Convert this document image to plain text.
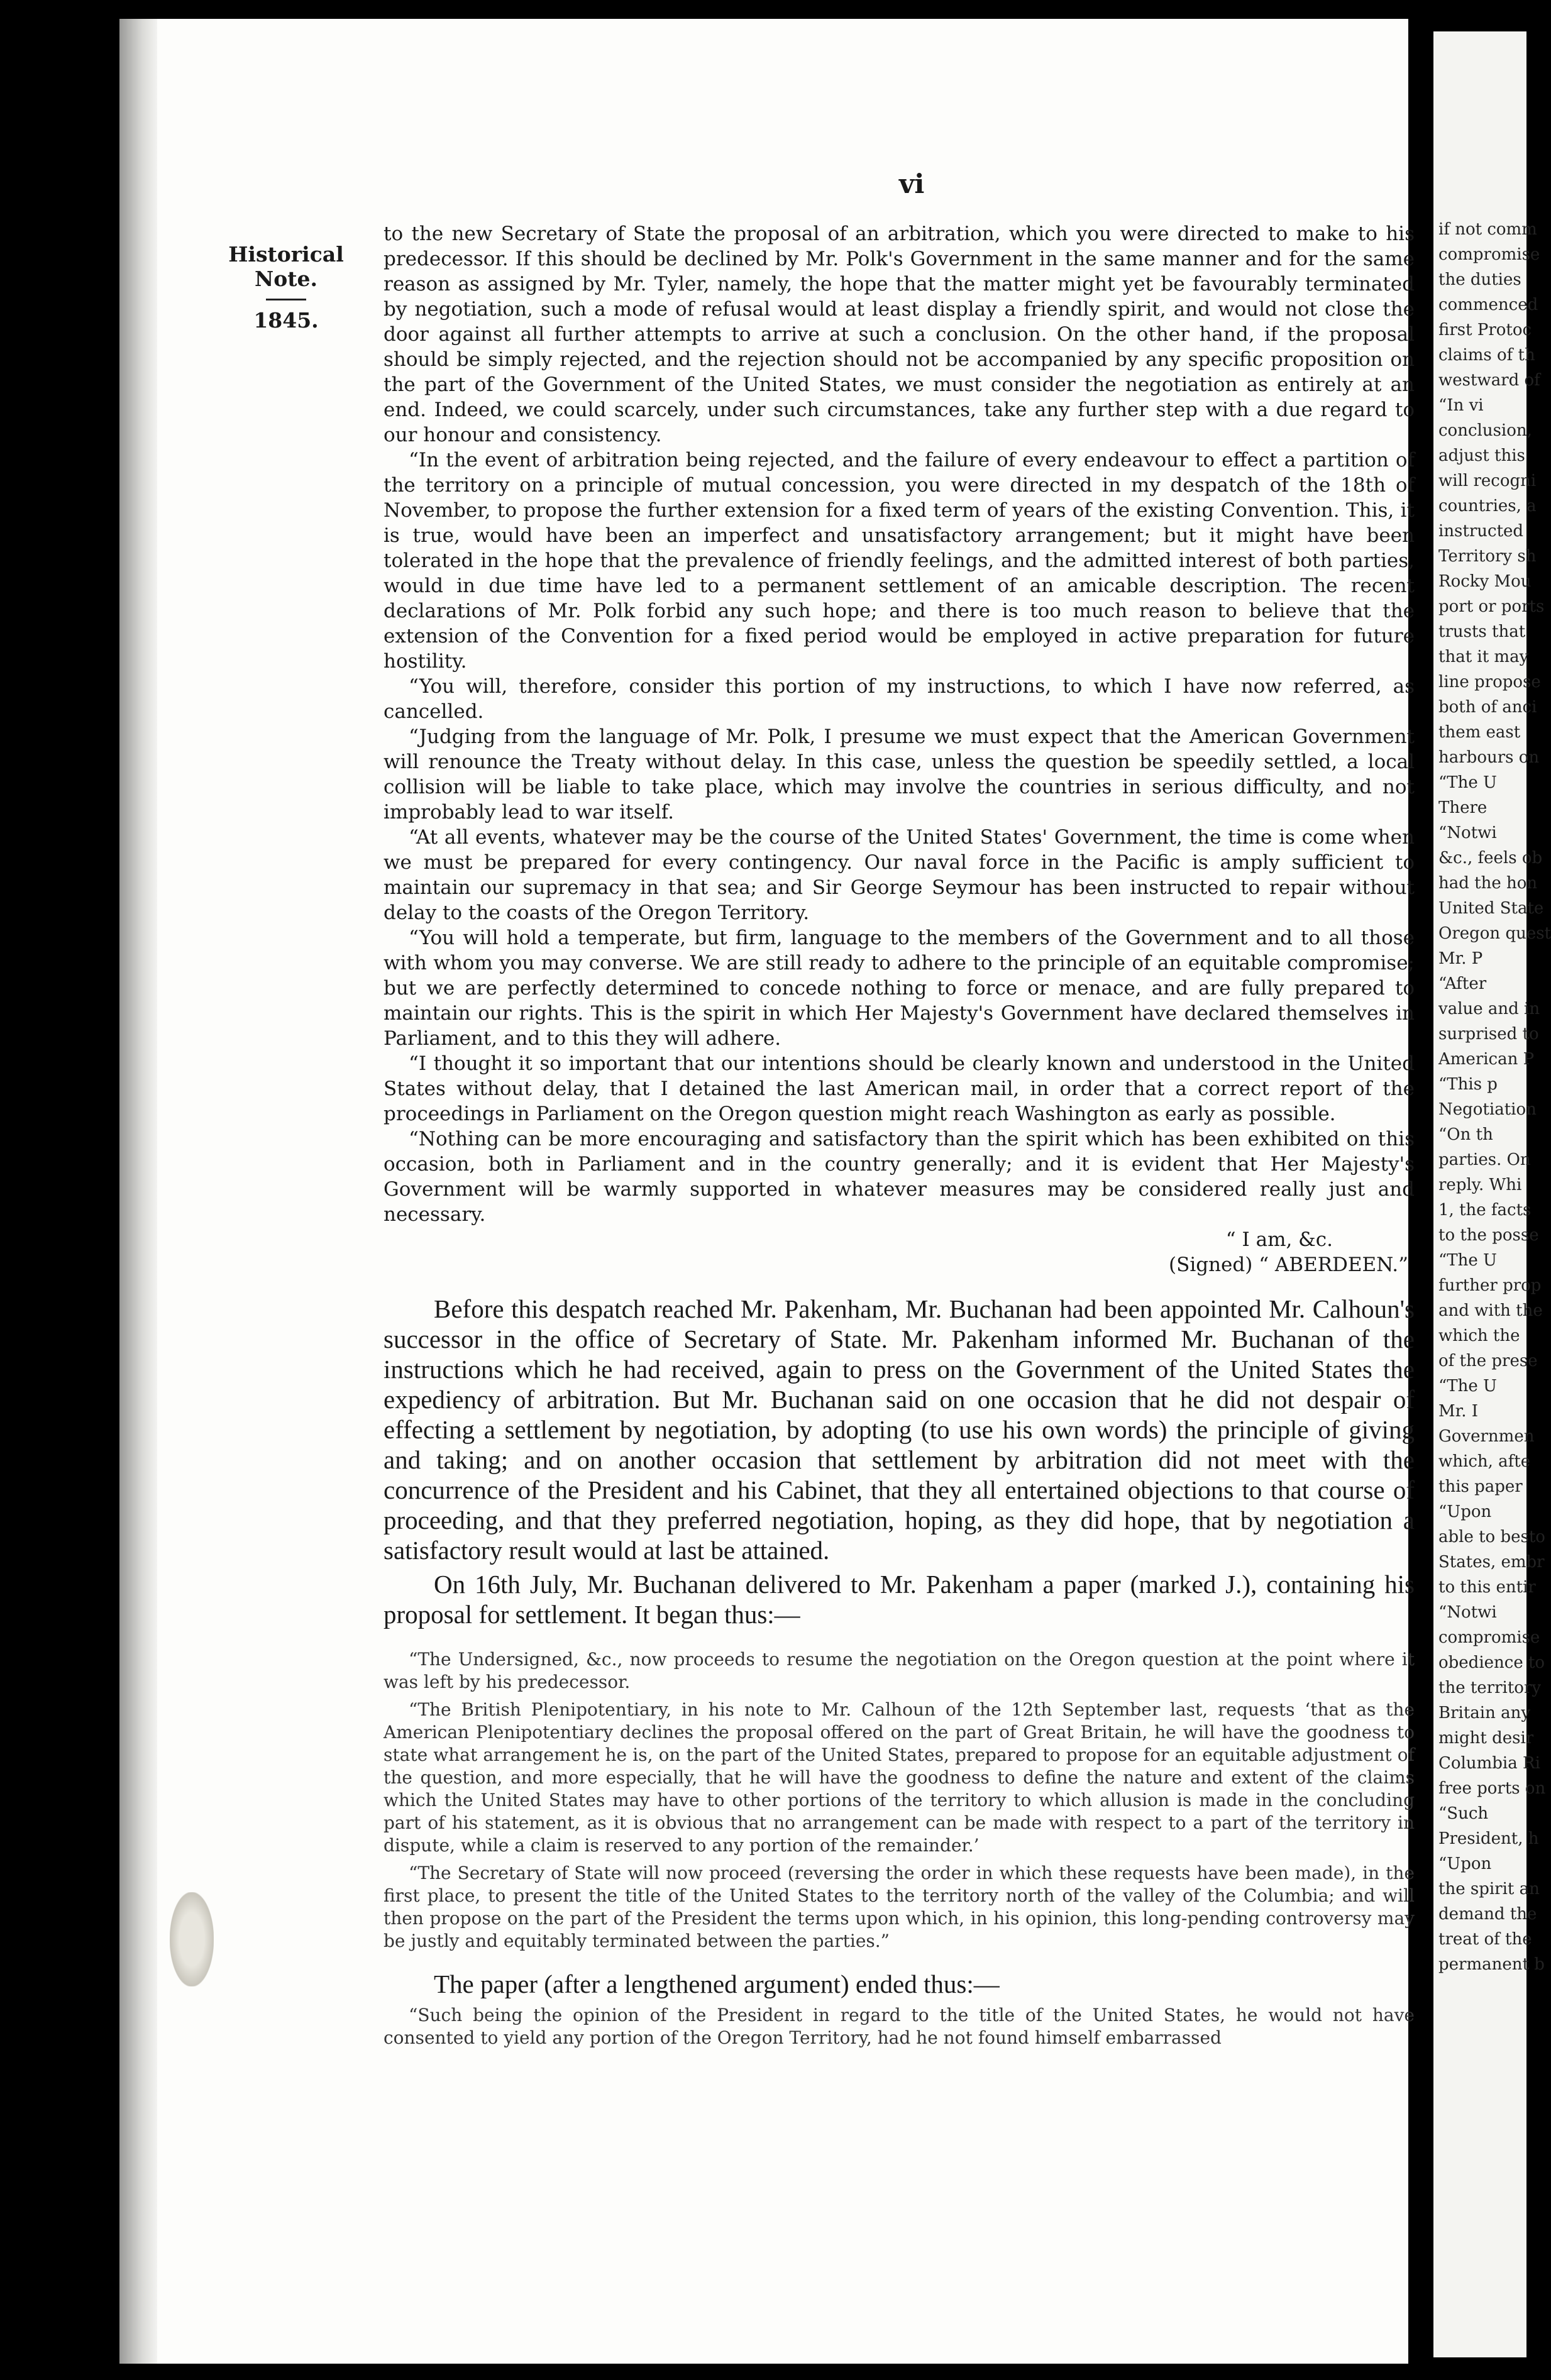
if not comm
compromise
the duties
commenced
first Protoc
claims of th
westward of
“In vi
conclusion,
adjust this
will recogni
countries, a
instructed
Territory sh
Rocky Mou
port or ports
trusts that
that it may
line propose
both of anci
them east
harbours on
“The U
There
“Notwi
&c., feels ob
had the hon
United State
Oregon quest
Mr. P
“After
value and in
surprised to
American P
“This p
Negotiation
“On th
parties. On
reply. Whi
1, the facts
to the posse
“The U
further prop
and with the
which the
of the prese
“The U
Mr. I
Governmen
which, afte
this paper
“Upon
able to besto
States, embr
to this entir
“Notwi
compromise
obedience to
the territory
Britain any
might desir
Columbia Ri
free ports on
“Such
President, h
“Upon
the spirit an
demand the
treat of the
permanent b
vi
Historical Note.
1845.

to the new Secretary of State the proposal of an arbitration, which you were directed to make to his predecessor. If this should be declined by Mr. Polk's Government in the same manner and for the same reason as assigned by Mr. Tyler, namely, the hope that the matter might yet be favourably terminated by negotiation, such a mode of refusal would at least display a friendly spirit, and would not close the door against all further attempts to arrive at such a conclusion. On the other hand, if the proposal should be simply rejected, and the rejection should not be accompanied by any specific proposition on the part of the Government of the United States, we must consider the negotiation as entirely at an end. Indeed, we could scarcely, under such circumstances, take any further step with a due regard to our honour and consistency.

“In the event of arbitration being rejected, and the failure of every endeavour to effect a partition of the territory on a principle of mutual concession, you were directed in my despatch of the 18th of November, to propose the further extension for a fixed term of years of the existing Convention. This, it is true, would have been an imperfect and unsatisfactory arrangement; but it might have been tolerated in the hope that the prevalence of friendly feelings, and the admitted interest of both parties, would in due time have led to a permanent settlement of an amicable description. The recent declarations of Mr. Polk forbid any such hope; and there is too much reason to believe that the extension of the Convention for a fixed period would be employed in active preparation for future hostility.

“You will, therefore, consider this portion of my instructions, to which I have now referred, as cancelled.

“Judging from the language of Mr. Polk, I presume we must expect that the American Government will renounce the Treaty without delay. In this case, unless the question be speedily settled, a local collision will be liable to take place, which may involve the countries in serious difficulty, and not improbably lead to war itself.

“At all events, whatever may be the course of the United States' Government, the time is come when we must be prepared for every contingency. Our naval force in the Pacific is amply sufficient to maintain our supremacy in that sea; and Sir George Seymour has been instructed to repair without delay to the coasts of the Oregon Territory.

“You will hold a temperate, but firm, language to the members of the Government and to all those with whom you may converse. We are still ready to adhere to the principle of an equitable compromise; but we are perfectly determined to concede nothing to force or menace, and are fully prepared to maintain our rights. This is the spirit in which Her Majesty's Government have declared themselves in Parliament, and to this they will adhere.

“I thought it so important that our intentions should be clearly known and understood in the United States without delay, that I detained the last American mail, in order that a correct report of the proceedings in Parliament on the Oregon question might reach Washington as early as possible.

“Nothing can be more encouraging and satisfactory than the spirit which has been exhibited on this occasion, both in Parliament and in the country generally; and it is evident that Her Majesty's Government will be warmly supported in whatever measures may be considered really just and necessary.

“ I am, &c.

(Signed) “ ABERDEEN.”

Before this despatch reached Mr. Pakenham, Mr. Buchanan had been appointed Mr. Calhoun's successor in the office of Secretary of State. Mr. Pakenham informed Mr. Buchanan of the instructions which he had received, again to press on the Government of the United States the expediency of arbitration. But Mr. Buchanan said on one occasion that he did not despair of effecting a settlement by negotiation, by adopting (to use his own words) the principle of giving and taking; and on another occasion that settlement by arbitration did not meet with the concurrence of the President and his Cabinet, that they all entertained objections to that course of proceeding, and that they preferred negotiation, hoping, as they did hope, that by negotiation a satisfactory result would at last be attained.

On 16th July, Mr. Buchanan delivered to Mr. Pakenham a paper (marked J.), containing his proposal for settlement. It began thus:—

“The Undersigned, &c., now proceeds to resume the negotiation on the Oregon question at the point where it was left by his predecessor.

“The British Plenipotentiary, in his note to Mr. Calhoun of the 12th September last, requests ‘that as the American Plenipotentiary declines the proposal offered on the part of Great Britain, he will have the goodness to state what arrangement he is, on the part of the United States, prepared to propose for an equitable adjustment of the question, and more especially, that he will have the goodness to define the nature and extent of the claims which the United States may have to other portions of the territory to which allusion is made in the concluding part of his statement, as it is obvious that no arrangement can be made with respect to a part of the territory in dispute, while a claim is reserved to any portion of the remainder.’

“The Secretary of State will now proceed (reversing the order in which these requests have been made), in the first place, to present the title of the United States to the territory north of the valley of the Columbia; and will then propose on the part of the President the terms upon which, in his opinion, this long-pending controversy may be justly and equitably terminated between the parties.”

The paper (after a lengthened argument) ended thus:—

“Such being the opinion of the President in regard to the title of the United States, he would not have consented to yield any portion of the Oregon Territory, had he not found himself embarrassed
